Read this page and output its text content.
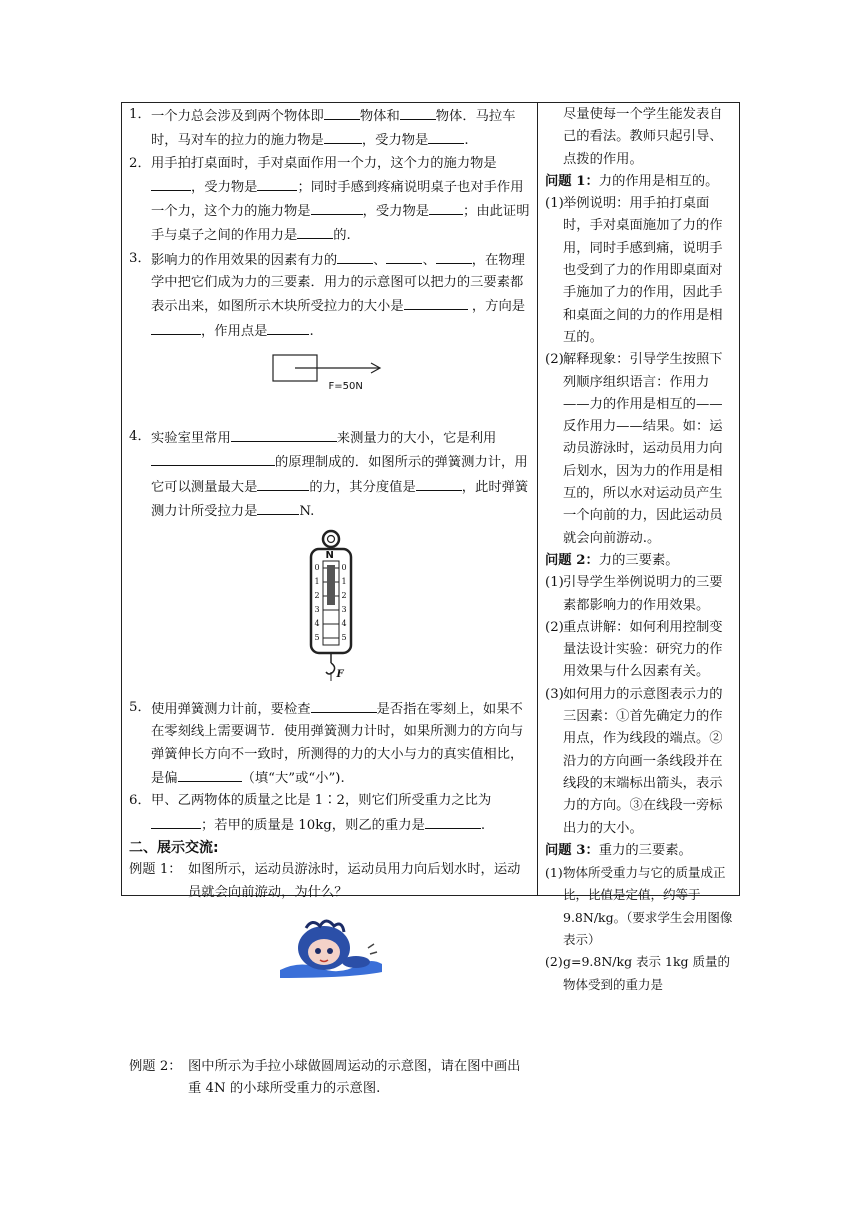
1． 一个力总会涉及到两个物体即	物体和	物体．马拉车时，马对车的拉力的施力物是	，受力物是	.

2． 用手拍打桌面时，手对桌面作用一个力，这个力的施力物是，受力物是	；同时手感到疼痛说明桌子也对手作用一个力，这个力的施力物是	，受力物是	；由此证明手与桌子之间的作用力是	的.

3． 影响力的作用效果的因素有力的	、	、	，在物理学中把它们成为力的三要素．用力的示意图可以把力的三要素都表示出来，如图所示木块所受拉力的大小是	，方向是，作用点是	.

F=50N

4． 实验室里常用	来测量力的大小，它是利用的原理制成的．如图所示的弹簧测力计，用它可以测量最大是	的力，其分度值是	，此时弹簧测力计所受拉力是	N.

N
0
1
2
3
4
5
0
1
2
3
4
5
F

5． 使用弹簧测力计前，要检查	是否指在零刻上，如果不在零刻线上需要调节．使用弹簧测力计时，如果所测力的方向与弹簧伸长方向不一致时，所测得的力的大小与力的真实值相比，是偏	（填“大”或“小”).

6． 甲、乙两物体的质量之比是 1∶2，则它们所受重力之比为；若甲的质量是 10kg，则乙的重力是	.

二、展示交流:

例题 1： 如图所示，运动员游泳时，运动员用力向后划水时，运动员就会向前游动，为什么？

例题 2： 图中所示为手拉小球做圆周运动的示意图，请在图中画出重 4N 的小球所受重力的示意图.

尽量使每一个学生能发表自己的看法。教师只起引导、点拨的作用。

问题 1：力的作用是相互的。

(1) 举例说明：用手拍打桌面时，手对桌面施加了力的作用，同时手感到痛，说明手也受到了力的作用即桌面对手施加了力的作用，因此手和桌面之间的力的作用是相互的。

(2) 解释现象：引导学生按照下列顺序组织语言：作用力——力的作用是相互的——反作用力——结果。如：运动员游泳时，运动员用力向后划水，因为力的作用是相互的，所以水对运动员产生一个向前的力，因此运动员就会向前游动.。

问题 2：力的三要素。

(1) 引导学生举例说明力的三要素都影响力的作用效果。

(2) 重点讲解：如何利用控制变量法设计实验：研究力的作用效果与什么因素有关。

(3) 如何用力的示意图表示力的三因素：①首先确定力的作用点，作为线段的端点。②沿力的方向画一条线段并在线段的末端标出箭头，表示力的方向。③在线段一旁标出力的大小。

问题 3：重力的三要素。

(1) 物体所受重力与它的质量成正比，比值是定值，约等于 9.8N/kg。（要求学生会用图像表示）

(2) g=9.8N/kg 表示 1kg 质量的物体受到的重力是
